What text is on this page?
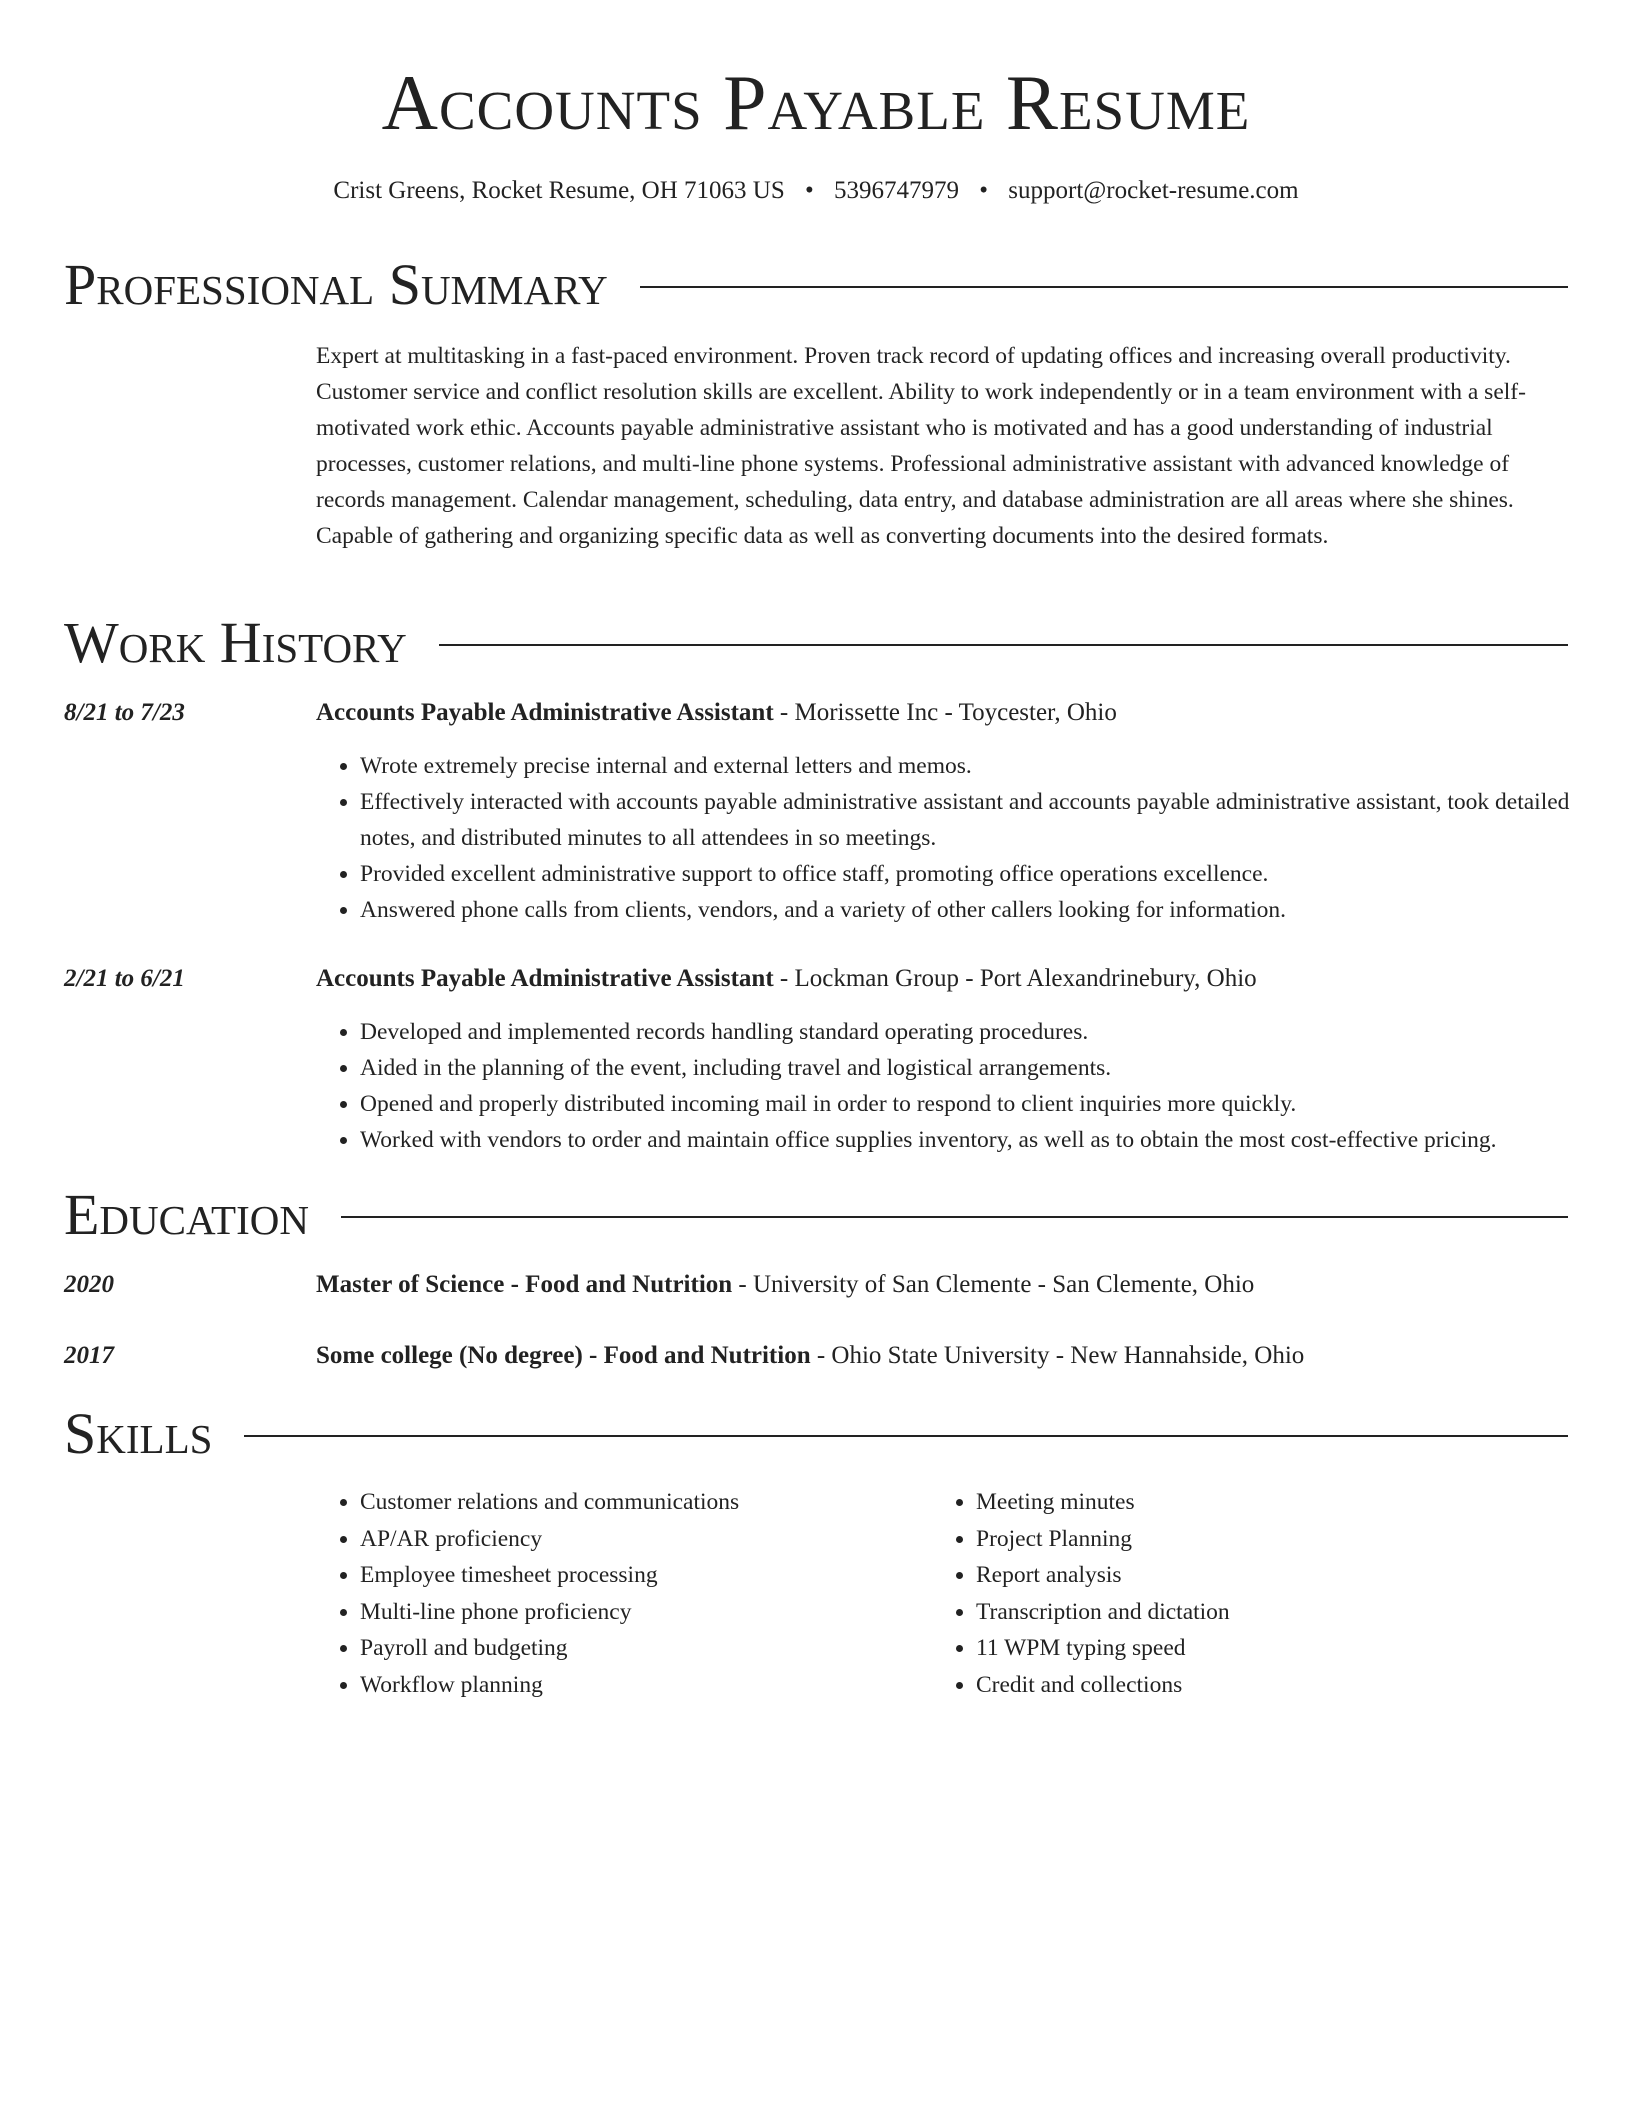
Accounts Payable Resume
Crist Greens, Rocket Resume, OH 71063 US • 5396747979 • support@rocket-resume.com
Professional Summary

Expert at multitasking in a fast-paced environment. Proven track record of updating offices and increasing overall productivity. Customer service and conflict resolution skills are excellent. Ability to work independently or in a team environment with a self-motivated work ethic. Accounts payable administrative assistant who is motivated and has a good understanding of industrial processes, customer relations, and multi-line phone systems. Professional administrative assistant with advanced knowledge of records management. Calendar management, scheduling, data entry, and database administration are all areas where she shines. Capable of gathering and organizing specific data as well as converting documents into the desired formats.

Work History
8/21 to 7/23	Accounts Payable Administrative Assistant - Morissette Inc - Toycester, Ohio
• Wrote extremely precise internal and external letters and memos.
• Effectively interacted with accounts payable administrative assistant and accounts payable administrative assistant, took detailed notes, and distributed minutes to all attendees in so meetings.
• Provided excellent administrative support to office staff, promoting office operations excellence.
• Answered phone calls from clients, vendors, and a variety of other callers looking for information.
2/21 to 6/21	Accounts Payable Administrative Assistant - Lockman Group - Port Alexandrinebury, Ohio
• Developed and implemented records handling standard operating procedures.
• Aided in the planning of the event, including travel and logistical arrangements.
• Opened and properly distributed incoming mail in order to respond to client inquiries more quickly.
• Worked with vendors to order and maintain office supplies inventory, as well as to obtain the most cost-effective pricing.
Education
2020	Master of Science - Food and Nutrition - University of San Clemente - San Clemente, Ohio
2017	Some college (No degree) - Food and Nutrition - Ohio State University - New Hannahside, Ohio
Skills
• Customer relations and communications
• AP/AR proficiency
• Employee timesheet processing
• Multi-line phone proficiency
• Payroll and budgeting
• Workflow planning
• Meeting minutes
• Project Planning
• Report analysis
• Transcription and dictation
• 11 WPM typing speed
• Credit and collections
